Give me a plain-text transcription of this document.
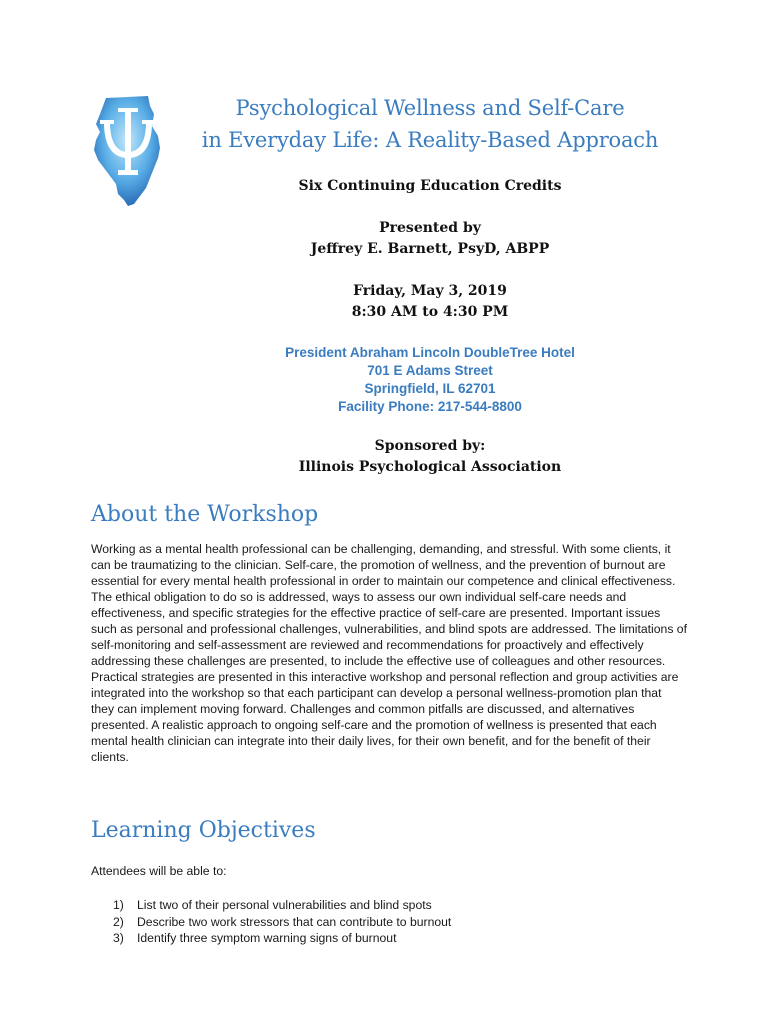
Psychological Wellness and Self-Care
in Everyday Life: A Reality-Based Approach
Six Continuing Education Credits
Presented by
Jeffrey E. Barnett, PsyD, ABPP
Friday, May 3, 2019
8:30 AM to 4:30 PM
President Abraham Lincoln DoubleTree Hotel
701 E Adams Street
Springfield, IL 62701
Facility Phone: 217-544-8800
Sponsored by:
Illinois Psychological Association
About the Workshop

Working as a mental health professional can be challenging, demanding, and stressful. With some clients, it can be traumatizing to the clinician. Self-care, the promotion of wellness, and the prevention of burnout are essential for every mental health professional in order to maintain our competence and clinical effectiveness. The ethical obligation to do so is addressed, ways to assess our own individual self-care needs and effectiveness, and specific strategies for the effective practice of self-care are presented. Important issues such as personal and professional challenges, vulnerabilities, and blind spots are addressed. The limitations of self-monitoring and self-assessment are reviewed and recommendations for proactively and effectively addressing these challenges are presented, to include the effective use of colleagues and other resources. Practical strategies are presented in this interactive workshop and personal reflection and group activities are integrated into the workshop so that each participant can develop a personal wellness-promotion plan that they can implement moving forward. Challenges and common pitfalls are discussed, and alternatives presented. A realistic approach to ongoing self-care and the promotion of wellness is presented that each mental health clinician can integrate into their daily lives, for their own benefit, and for the benefit of their clients.

Learning Objectives
Attendees will be able to:
1)	List two of their personal vulnerabilities and blind spots
2)	Describe two work stressors that can contribute to burnout
3)	Identify three symptom warning signs of burnout
